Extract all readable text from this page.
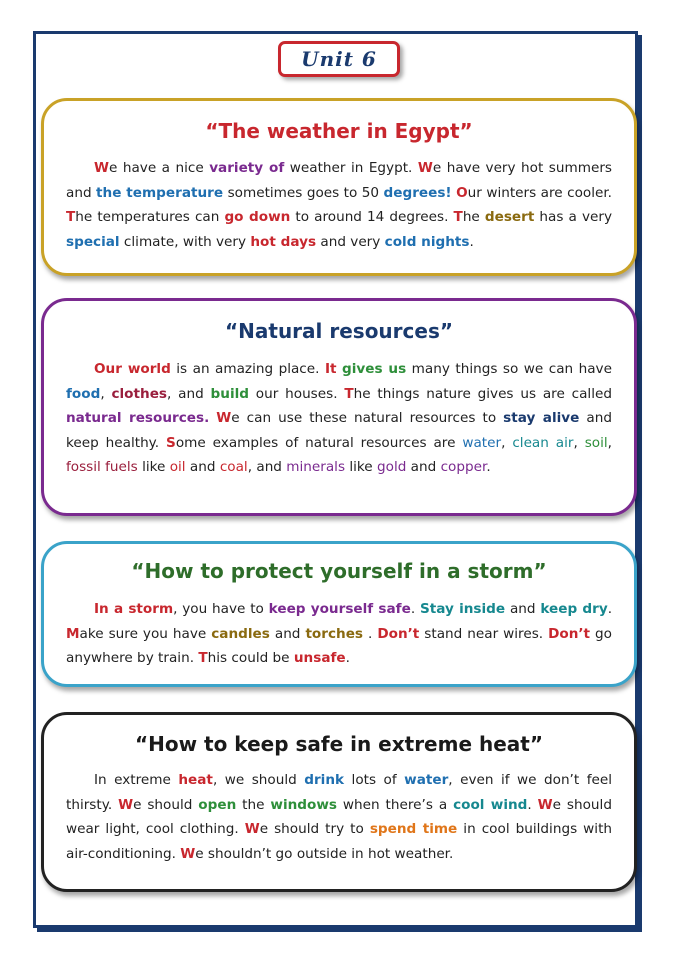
Unit 6
“The weather in Egypt”

We have a nice variety of weather in Egypt. We have very hot summers and the temperature sometimes goes to 50 degrees! Our winters are cooler. The temperatures can go down to around 14 degrees. The desert has a very special climate, with very hot days and very cold nights.

“Natural resources”

Our world is an amazing place. It gives us many things so we can have food, clothes, and build our houses. The things nature gives us are called natural resources. We can use these natural resources to stay alive and keep healthy. Some examples of natural resources are water, clean air, soil, fossil fuels like oil and coal, and minerals like gold and copper.

“How to protect yourself in a storm”

In a storm, you have to keep yourself safe. Stay inside and keep dry. Make sure you have candles and torches . Don’t stand near wires. Don’t go anywhere by train. This could be unsafe.

“How to keep safe in extreme heat”

In extreme heat, we should drink lots of water, even if we don’t feel thirsty. We should open the windows when there’s a cool wind. We should wear light, cool clothing. We should try to spend time in cool buildings with air-conditioning. We shouldn’t go outside in hot weather.
